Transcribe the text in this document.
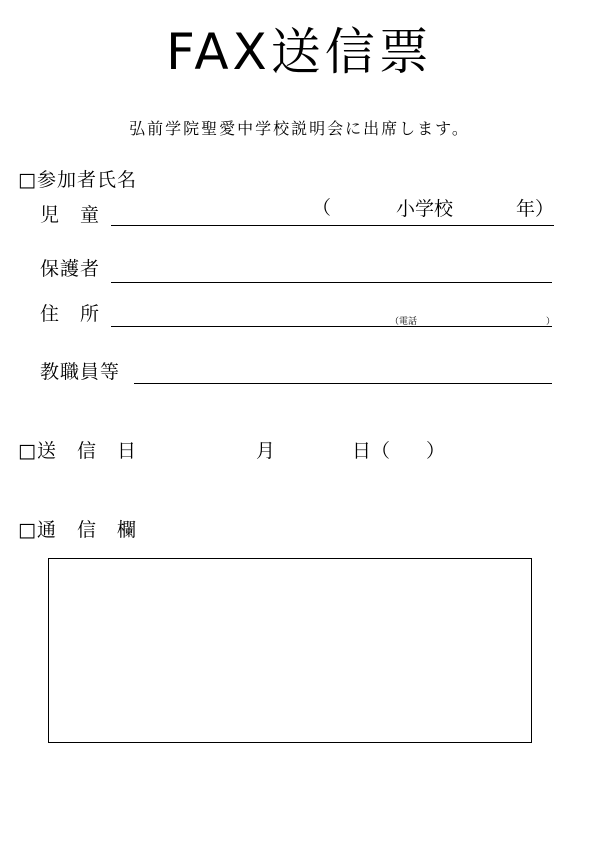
FAX送信票
弘前学院聖愛中学校説明会に出席します。
□参加者氏名
児　童	（	小学校	年）
保護者
住　所	（電話	）
教職員等
□送　信　日	月	日（ ）
□通　信　欄
